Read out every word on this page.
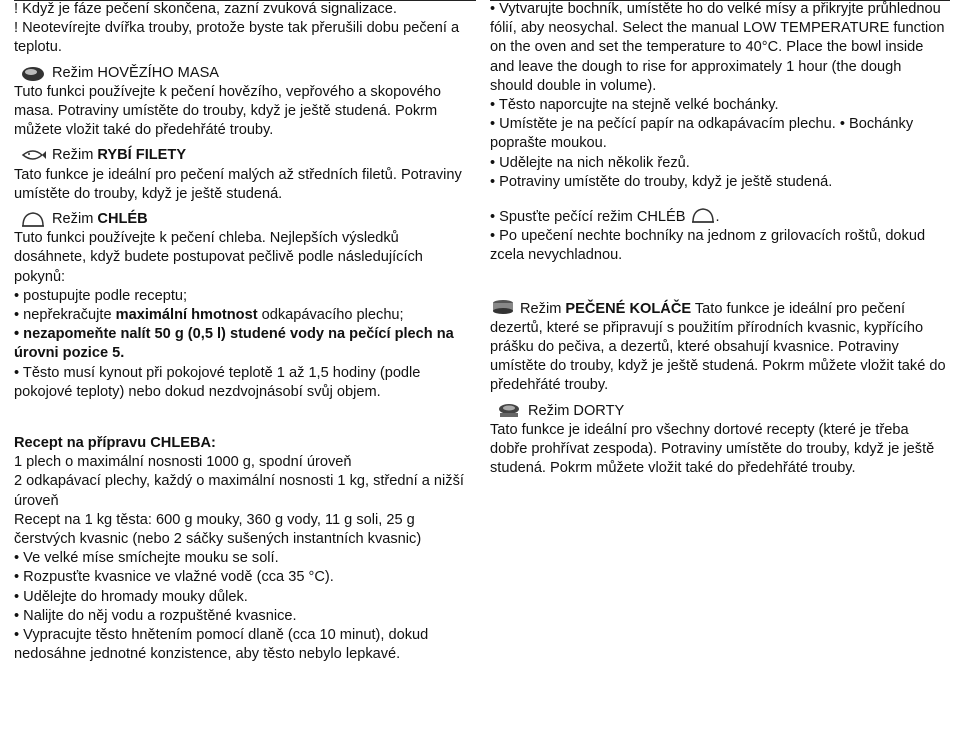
! Když je fáze pečení skončena, zazní zvuková signalizace.

! Neotevírejte dvířka trouby, protože byste tak přerušili dobu pečení a teplotu.

Režim HOVĚZÍHO MASA

Tuto funkci používejte k pečení hovězího, vepřového a skopového masa. Potraviny umístěte do trouby, když je ještě studená. Pokrm můžete vložit také do předehřáté trouby.

Režim RYBÍ FILETY

Tato funkce je ideální pro pečení malých až středních filetů. Potraviny umístěte do trouby, když je ještě studená.

Režim CHLÉB

Tuto funkci používejte k pečení chleba. Nejlepších výsledků dosáhnete, když budete postupovat pečlivě podle následujících pokynů:

• postupujte podle receptu;

• nepřekračujte maximální hmotnost odkapávacího plechu;

• nezapomeňte nalít 50 g (0,5 l) studené vody na pečící plech na úrovni pozice 5.

• Těsto musí kynout při pokojové teplotě 1 až 1,5 hodiny (podle pokojové teploty) nebo dokud nezdvojnásobí svůj objem.

Recept na přípravu CHLEBA:

1 plech o maximální nosnosti 1000 g, spodní úroveň

2 odkapávací plechy, každý o maximální nosnosti 1 kg, střední a nižší úroveň

Recept na 1 kg těsta: 600 g mouky, 360 g vody, 11 g soli, 25 g čerstvých kvasnic (nebo 2 sáčky sušených instantních kvasnic)

• Ve velké míse smíchejte mouku se solí.

• Rozpusťte kvasnice ve vlažné vodě (cca 35 °C).

• Udělejte do hromady mouky důlek.

• Nalijte do něj vodu a rozpuštěné kvasnice.

• Vypracujte těsto hnětením pomocí dlaně (cca 10 minut), dokud nedosáhne jednotné konzistence, aby těsto nebylo lepkavé.

• Vytvarujte bochník, umístěte ho do velké mísy a přikryjte průhlednou fólií, aby neosychal. Select the manual LOW TEMPERATURE function on the oven and set the temperature to 40°C. Place the bowl inside and leave the dough to rise for approximately 1 hour (the dough should double in volume).

• Těsto naporcujte na stejně velké bochánky.

• Umístěte je na pečící papír na odkapávacím plechu. • Bochánky poprašte moukou.

• Udělejte na nich několik řezů.

• Potraviny umístěte do trouby, když je ještě studená.

• Spusťte pečící režim CHLÉB .

• Po upečení nechte bochníky na jednom z grilovacích roštů, dokud zcela nevychladnou.

Režim PEČENÉ KOLÁČE Tato funkce je ideální pro pečení dezertů, které se připravují s použitím přírodních kvasnic, kypřícího prášku do pečiva, a dezertů, které obsahují kvasnice. Potraviny umístěte do trouby, když je ještě studená. Pokrm můžete vložit také do předehřáté trouby.

Režim DORTY

Tato funkce je ideální pro všechny dortové recepty (které je třeba dobře prohřívat zespoda). Potraviny umístěte do trouby, když je ještě studená. Pokrm můžete vložit také do předehřáté trouby.
